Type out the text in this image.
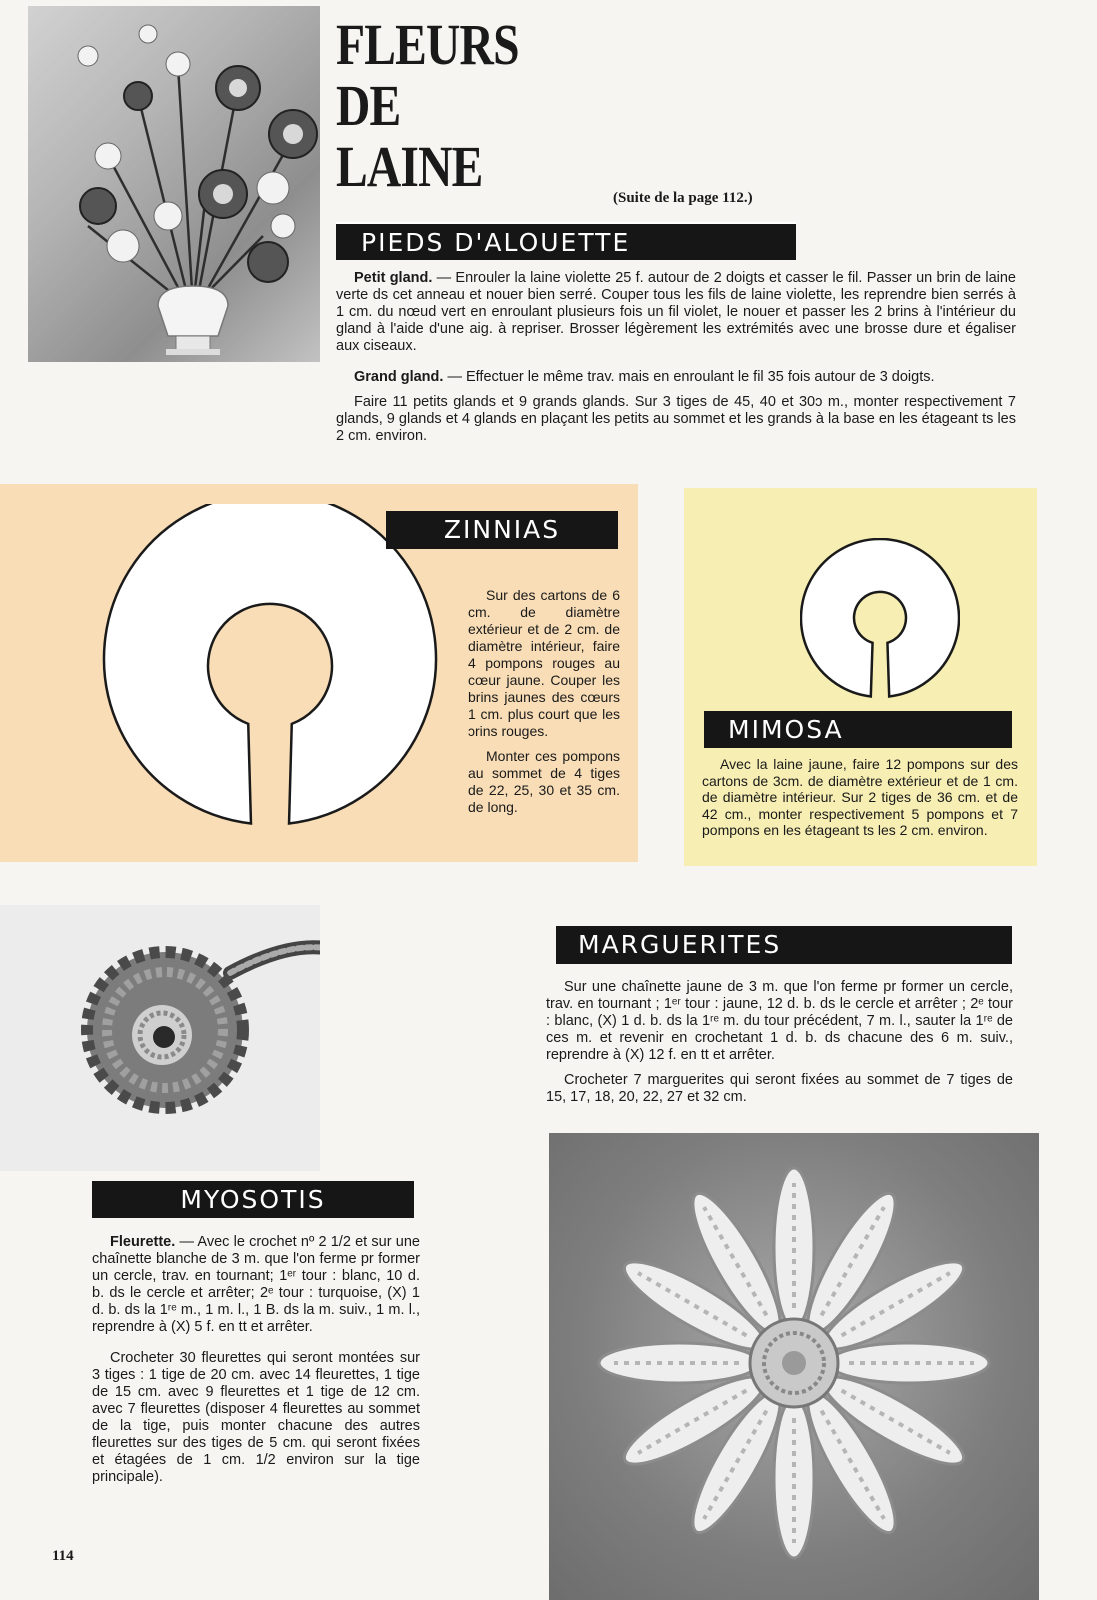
FLEURS
DE
LAINE	(Suite de la page 112.)
PIEDS D'ALOUETTE

Petit gland. — Enrouler la laine violette 25 f. autour de 2 doigts et casser le fil. Passer un brin de laine verte ds cet anneau et nouer bien serré. Couper tous les fils de laine violette, les reprendre bien serrés à 1 cm. du nœud vert en enroulant plusieurs fois un fil violet, le nouer et passer les 2 brins à l'intérieur du gland à l'aide d'une aig. à repriser. Brosser légèrement les extrémités avec une brosse dure et égaliser aux ciseaux.

Grand gland. — Effectuer le même trav. mais en enroulant le fil 35 fois autour de 3 doigts.

Faire 11 petits glands et 9 grands glands. Sur 3 tiges de 45, 40 et 30ɔ m., monter respectivement 7 glands, 9 glands et 4 glands en plaçant les petits au sommet et les grands à la base en les étageant ts les 2 cm. environ.

ZINNIAS

Sur des cartons de 6 cm. de diamètre extérieur et de 2 cm. de diamètre intérieur, faire 4 pompons rouges au cœur jaune. Couper les brins jaunes des cœurs 1 cm. plus court que les ɔrins rouges.

Monter ces pompons au sommet de 4 tiges de 22, 25, 30 et 35 cm. de long.

MIMOSA

Avec la laine jaune, faire 12 pompons sur des cartons de 3cm. de diamètre extérieur et de 1 cm. de diamètre intérieur. Sur 2 tiges de 36 cm. et de 42 cm., monter respectivement 5 pompons et 7 pompons en les étageant ts les 2 cm. environ.

MARGUERITES

Sur une chaînette jaune de 3 m. que l'on ferme pr former un cercle, trav. en tournant ; 1ᵉʳ tour : jaune, 12 d. b. ds le cercle et arrêter ; 2ᵉ tour : blanc, (X) 1 d. b. ds la 1ʳᵉ m. du tour précédent, 7 m. l., sauter la 1ʳᵉ de ces m. et revenir en crochetant 1 d. b. ds chacune des 6 m. suiv., reprendre à (X) 12 f. en tt et arrêter.

Crocheter 7 marguerites qui seront fixées au sommet de 7 tiges de 15, 17, 18, 20, 22, 27 et 32 cm.

MYOSOTIS

Fleurette. — Avec le crochet nº 2 1/2 et sur une chaînette blanche de 3 m. que l'on ferme pr former un cercle, trav. en tournant; 1ᵉʳ tour : blanc, 10 d. b. ds le cercle et arrêter; 2ᵉ tour : turquoise, (X) 1 d. b. ds la 1ʳᵉ m., 1 m. l., 1 B. ds la m. suiv., 1 m. l., reprendre à (X) 5 f. en tt et arrêter.

Crocheter 30 fleurettes qui seront montées sur 3 tiges : 1 tige de 20 cm. avec 14 fleurettes, 1 tige de 15 cm. avec 9 fleurettes et 1 tige de 12 cm. avec 7 fleurettes (disposer 4 fleurettes au sommet de la tige, puis monter chacune des autres fleurettes sur des tiges de 5 cm. qui seront fixées et étagées de 1 cm. 1/2 environ sur la tige principale).

114
